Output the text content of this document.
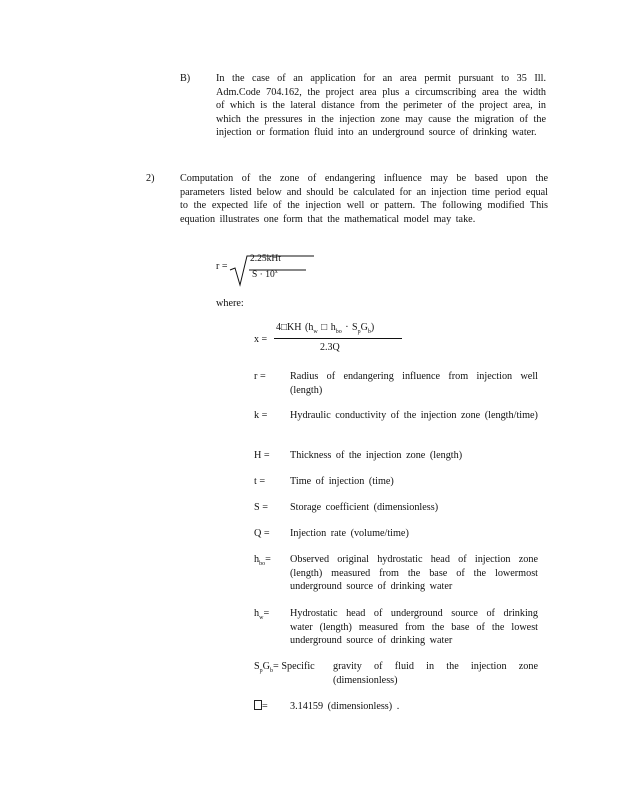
B)	In the case of an application for an area permit pursuant to 35 Ill. Adm.Code 704.162, the project area plus a circumscribing area the width of which is the lateral distance from the perimeter of the project area, in which the pressures in the injection zone may cause the migration of the injection or formation fluid into an underground source of drinking water.
2)	Computation of the zone of endangering influence may be based upon the parameters listed below and should be calculated for an injection time period equal to the expected life of the injection well or pattern. The following modified This equation illustrates one form that the mathematical model may take.
r =
2.25kHt
$S \cdot 10^x$
where:
x =
4□KH ($h_w$ □ $h_{bo} \cdot S_pG_b$)
2.3Q
r = Radius of endangering influence from injection well (length)
k = Hydraulic conductivity of the injection zone (length/time)
H = Thickness of the injection zone (length)
t = Time of injection (time)
S = Storage coefficient (dimensionless)
Q = Injection rate (volume/time)
$h_{bo}=$ Observed original hydrostatic head of injection zone (length) measured from the base of the lowermost underground source of drinking water
$h_w=$ Hydrostatic head of underground source of drinking water (length) measured from the base of the lowest underground source of drinking water
$S_pG_b=$ Specific gravity of fluid in the injection zone (dimensionless)
= 3.14159 (dimensionless) .
